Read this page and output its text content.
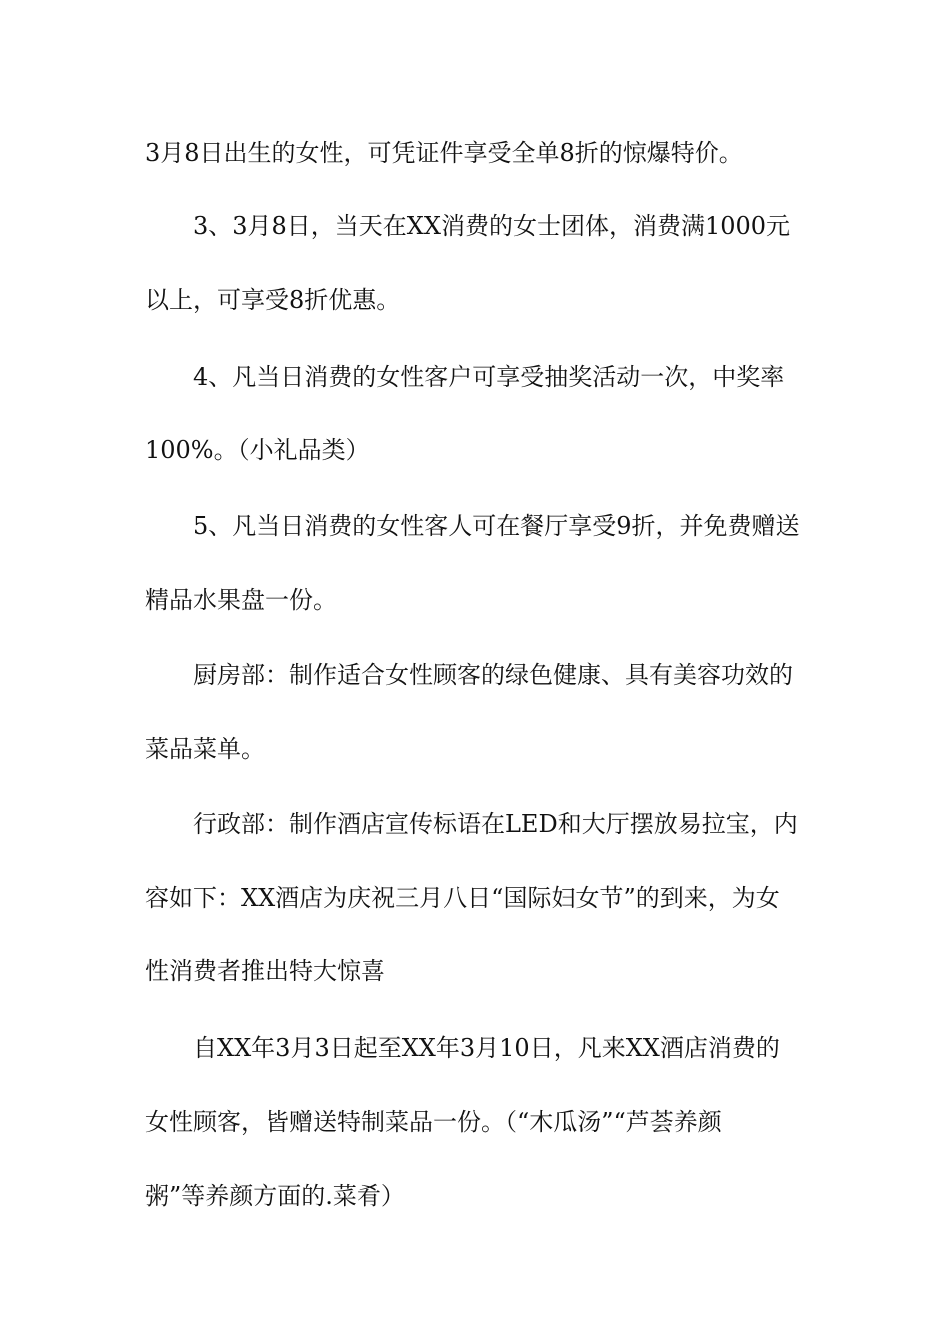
3月8日出生的女性，可凭证件享受全单8折的惊爆特价。
3、3月8日，当天在XX消费的女士团体，消费满1000元
以上，可享受8折优惠。
4、凡当日消费的女性客户可享受抽奖活动一次，中奖率
100%。（小礼品类）
5、凡当日消费的女性客人可在餐厅享受9折，并免费赠送
精品水果盘一份。
厨房部：制作适合女性顾客的绿色健康、具有美容功效的
菜品菜单。
行政部：制作酒店宣传标语在LED和大厅摆放易拉宝，内
容如下：XX酒店为庆祝三月八日“国际妇女节”的到来，为女
性消费者推出特大惊喜
自XX年3月3日起至XX年3月10日，凡来XX酒店消费的
女性顾客，皆赠送特制菜品一份。（“木瓜汤”“芦荟养颜
粥”等养颜方面的.菜肴）
